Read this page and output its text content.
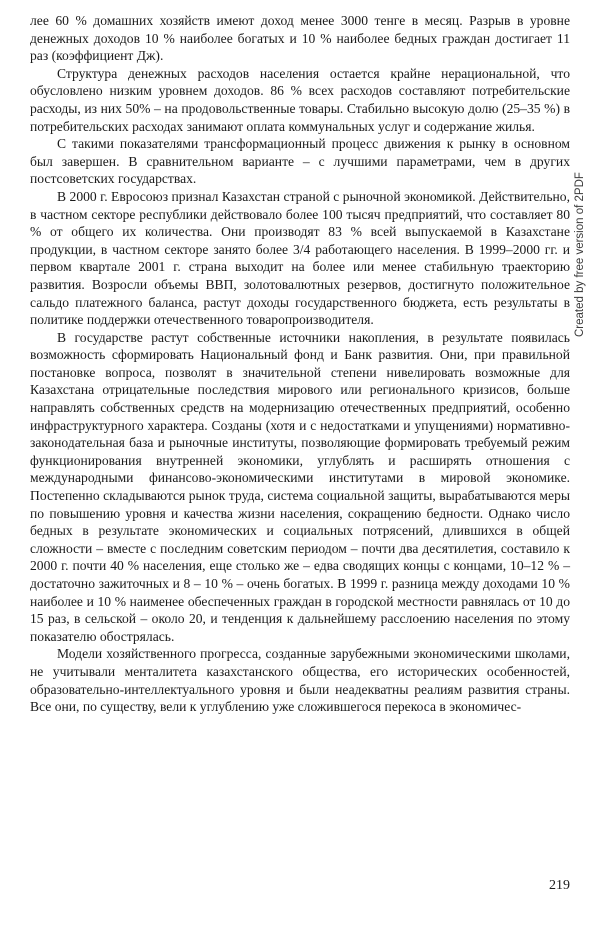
лее 60 % домашних хозяйств имеют доход менее 3000 тенге в месяц. Разрыв в уровне денежных доходов 10 % наиболее богатых и 10 % наиболее бедных граждан достигает 11 раз (коэффициент Дж).

Структура денежных расходов населения остается крайне нерациональной, что обусловлено низким уровнем доходов. 86 % всех расходов составляют потребительские расходы, из них 50% – на продовольственные товары. Стабильно высокую долю (25–35 %) в потребительских расходах занимают оплата коммунальных услуг и содержание жилья.

С такими показателями трансформационный процесс движения к рынку в основном был завершен. В сравнительном варианте – с лучшими параметрами, чем в других постсоветских государствах.

В 2000 г. Евросоюз признал Казахстан страной с рыночной экономикой. Действительно, в частном секторе республики действовало более 100 тысяч предприятий, что составляет 80 % от общего их количества. Они производят 83 % всей выпускаемой в Казахстане продукции, в частном секторе занято более 3/4 работающего населения. В 1999–2000 гг. и первом квартале 2001 г. страна выходит на более или менее стабильную траекторию развития. Возросли объемы ВВП, золотовалютных резервов, достигнуто положительное сальдо платежного баланса, растут доходы государственного бюджета, есть результаты в политике поддержки отечественного товаропроизводителя.

В государстве растут собственные источники накопления, в результате появилась возможность сформировать Национальный фонд и Банк развития. Они, при правильной постановке вопроса, позволят в значительной степени нивелировать возможные для Казахстана отрицательные последствия мирового или регионального кризисов, больше направлять собственных средств на модернизацию отечественных предприятий, особенно инфраструктурного характера. Созданы (хотя и с недостатками и упущениями) нормативно-законодательная база и рыночные институты, позволяющие формировать требуемый режим функционирования внутренней экономики, углублять и расширять отношения с международными финансово-экономическими институтами в мировой экономике. Постепенно складываются рынок труда, система социальной защиты, вырабатываются меры по повышению уровня и качества жизни населения, сокращению бедности. Однако число бедных в результате экономических и социальных потрясений, длившихся в общей сложности – вместе с последним советским периодом – почти два десятилетия, составило к 2000 г. почти 40 % населения, еще столько же – едва сводящих концы с концами, 10–12 % – достаточно зажиточных и 8 – 10 % – очень богатых. В 1999 г. разница между доходами 10 % наиболее и 10 % наименее обеспеченных граждан в городской местности равнялась от 10 до 15 раз, в сельской – около 20, и тенденция к дальнейшему расслоению населения по этому показателю обострялась.

Модели хозяйственного прогресса, созданные зарубежными экономическими школами, не учитывали менталитета казахстанского общества, его исторических особенностей, образовательно-интеллектуального уровня и были неадекватны реалиям развития страны. Все они, по существу, вели к углублению уже сложившегося перекоса в экономичес-

Created by free version of 2PDF
219
